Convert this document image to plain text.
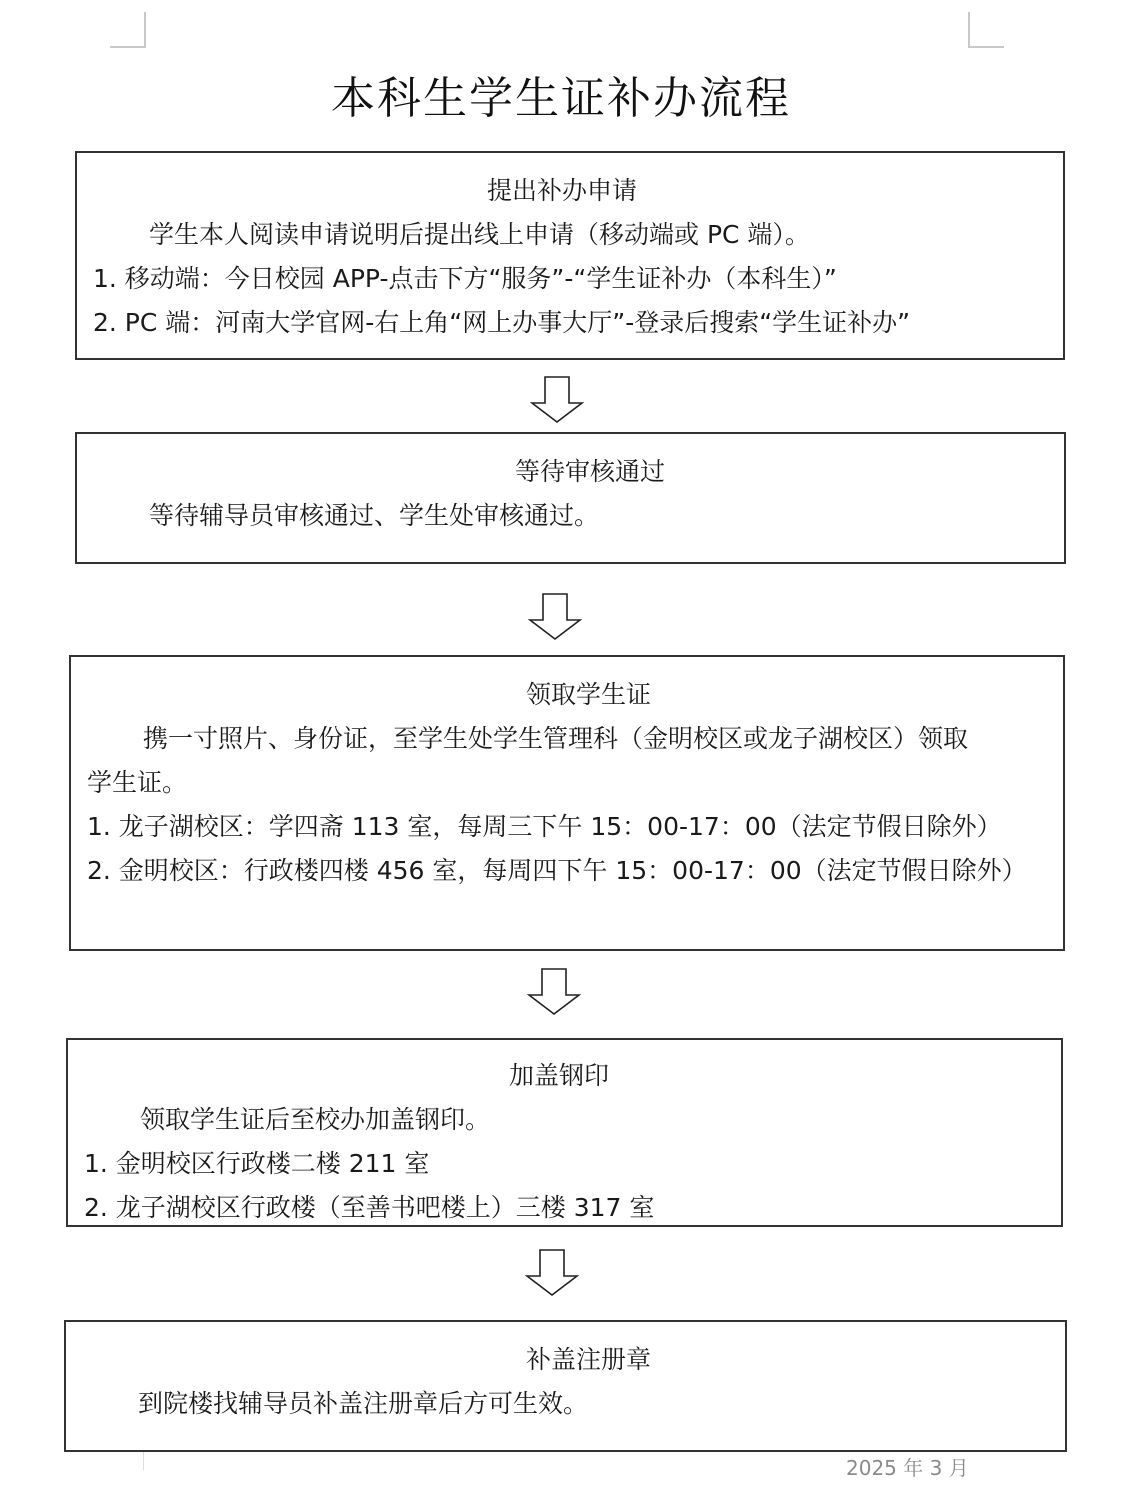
本科生学生证补办流程
提出补办申请
学生本人阅读申请说明后提出线上申请（移动端或 PC 端）。
1. 移动端：今日校园 APP-点击下方“服务”-“学生证补办（本科生）”
2. PC 端：河南大学官网-右上角“网上办事大厅”-登录后搜索“学生证补办”
等待审核通过
等待辅导员审核通过、学生处审核通过。
领取学生证
携一寸照片、身份证，至学生处学生管理科（金明校区或龙子湖校区）领取
学生证。
1. 龙子湖校区：学四斋 113 室，每周三下午 15：00-17：00（法定节假日除外）
2. 金明校区：行政楼四楼 456 室，每周四下午 15：00-17：00（法定节假日除外）
加盖钢印
领取学生证后至校办加盖钢印。
1. 金明校区行政楼二楼 211 室
2. 龙子湖校区行政楼（至善书吧楼上）三楼 317 室
补盖注册章
到院楼找辅导员补盖注册章后方可生效。
2025 年 3 月
